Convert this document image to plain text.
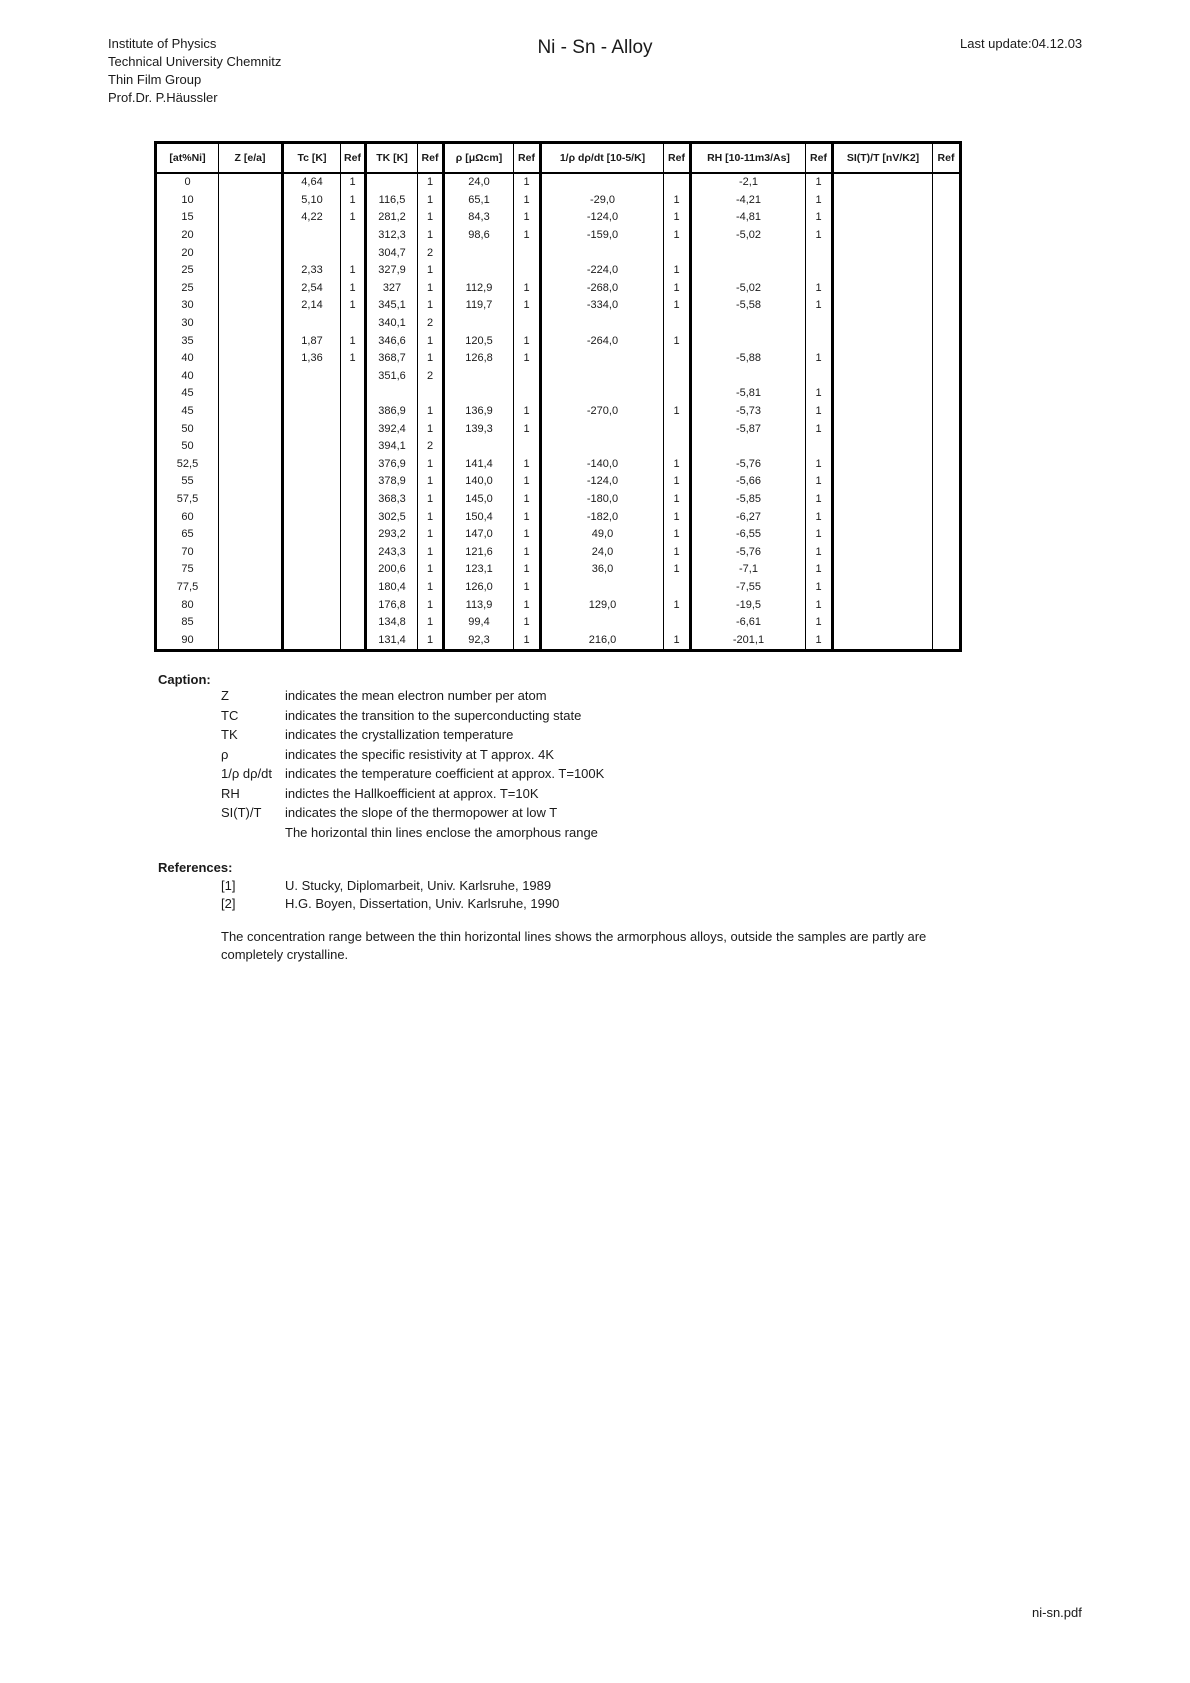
Institute of Physics
Technical University Chemnitz
Thin Film Group
Prof.Dr. P.Häussler
Ni - Sn - Alloy	Last update:04.12.03
[at%Ni]	Z [e/a]	Tc [K]	Ref	TK [K]	Ref	ρ [μΩcm]	Ref	1/ρ dρ/dt [10-5/K]	Ref	RH [10-11m3/As]	Ref	SI(T)/T [nV/K2]	Ref
0		4,64	1		1	24,0	1			-2,1	1		
10		5,10	1	116,5	1	65,1	1	-29,0	1	-4,21	1		
15		4,22	1	281,2	1	84,3	1	-124,0	1	-4,81	1		
20				312,3	1	98,6	1	-159,0	1	-5,02	1		
20				304,7	2								
25		2,33	1	327,9	1			-224,0	1				
25		2,54	1	327	1	112,9	1	-268,0	1	-5,02	1		
30		2,14	1	345,1	1	119,7	1	-334,0	1	-5,58	1		
30				340,1	2								
35		1,87	1	346,6	1	120,5	1	-264,0	1				
40		1,36	1	368,7	1	126,8	1			-5,88	1		
40				351,6	2								
45										-5,81	1		
45				386,9	1	136,9	1	-270,0	1	-5,73	1		
50				392,4	1	139,3	1			-5,87	1		
50				394,1	2								
52,5				376,9	1	141,4	1	-140,0	1	-5,76	1		
55				378,9	1	140,0	1	-124,0	1	-5,66	1		
57,5				368,3	1	145,0	1	-180,0	1	-5,85	1		
60				302,5	1	150,4	1	-182,0	1	-6,27	1		
65				293,2	1	147,0	1	49,0	1	-6,55	1		
70				243,3	1	121,6	1	24,0	1	-5,76	1		
75				200,6	1	123,1	1	36,0	1	-7,1	1		
77,5				180,4	1	126,0	1			-7,55	1		
80				176,8	1	113,9	1	129,0	1	-19,5	1		
85				134,8	1	99,4	1			-6,61	1		
90				131,4	1	92,3	1	216,0	1	-201,1	1		
Caption:
Z	indicates the mean electron number per atom
TC	indicates the transition to the superconducting state
TK	indicates the crystallization temperature
ρ	indicates the specific resistivity at T approx. 4K
1/ρ dρ/dt	indicates the temperature coefficient at approx. T=100K
RH	indictes the Hallkoefficient at approx. T=10K
SI(T)/T	indicates the slope of the thermopower at low T
The horizontal thin lines enclose the amorphous range
References:
[1]	U. Stucky, Diplomarbeit, Univ. Karlsruhe, 1989
[2]	H.G. Boyen, Dissertation, Univ. Karlsruhe, 1990
The concentration range between the thin horizontal lines shows the armorphous alloys, outside the samples are partly are completely crystalline.
ni-sn.pdf
